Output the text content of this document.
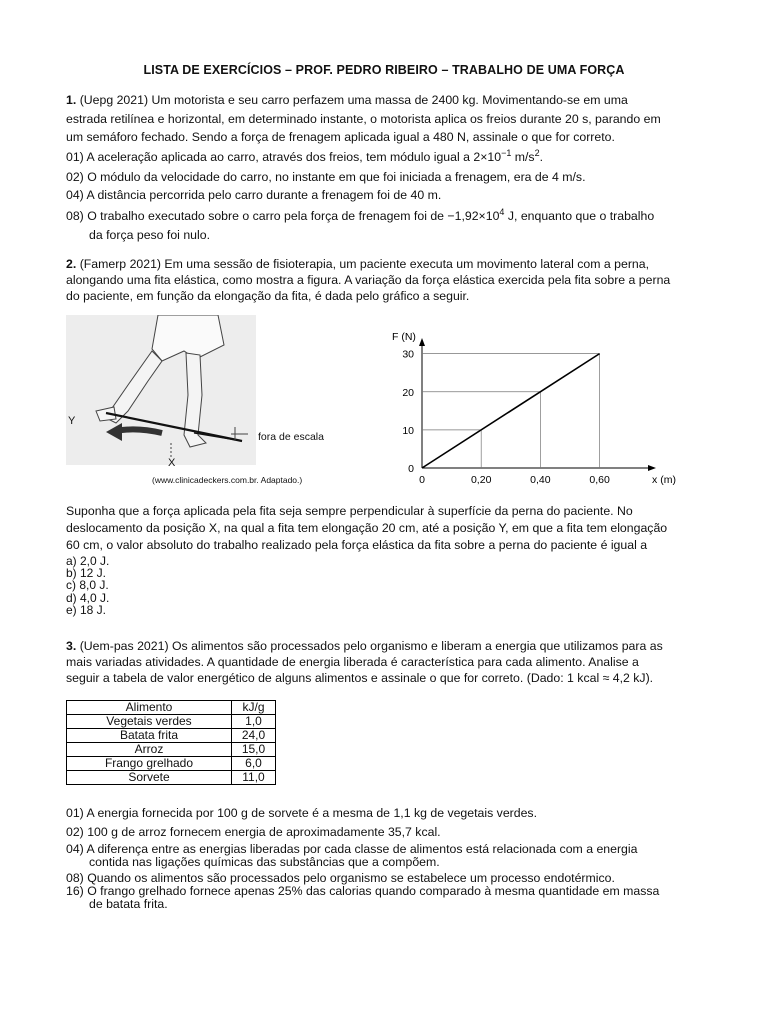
LISTA DE EXERCÍCIOS – PROF. PEDRO RIBEIRO – TRABALHO DE UMA FORÇA
1. (Uepg 2021) Um motorista e seu carro perfazem uma massa de 2400 kg. Movimentando-se em uma
estrada retilínea e horizontal, em determinado instante, o motorista aplica os freios durante 20 s, parando em
um semáforo fechado. Sendo a força de frenagem aplicada igual a 480 N, assinale o que for correto.
01) A aceleração aplicada ao carro, através dos freios, tem módulo igual a $2\times 10^{-1}$ $m/s^2$.
02) O módulo da velocidade do carro, no instante em que foi iniciada a frenagem, era de 4 m/s.
04) A distância percorrida pelo carro durante a frenagem foi de 40 m.
08) O trabalho executado sobre o carro pela força de frenagem foi de $-1,92\times 10^4$ J, enquanto que o trabalho
da força peso foi nulo.
2. (Famerp 2021) Em uma sessão de fisioterapia, um paciente executa um movimento lateral com a perna,
alongando uma fita elástica, como mostra a figura. A variação da força elástica exercida pela fita sobre a perna
do paciente, em função da elongação da fita, é dada pelo gráfico a seguir.
Y
X
fora de escala
(www.clinicadeckers.com.br. Adaptado.)	0	0,20	0,40	0,60
0
10
20
30
x (m)
F (N)
Suponha que a força aplicada pela fita seja sempre perpendicular à superfície da perna do paciente. No
deslocamento da posição X, na qual a fita tem elongação 20 cm, até a posição Y, em que a fita tem elongação
60 cm, o valor absoluto do trabalho realizado pela força elástica da fita sobre a perna do paciente é igual a
a) 2,0 J.
b) 12 J.
c) 8,0 J.
d) 4,0 J.
e) 18 J.
3. (Uem-pas 2021) Os alimentos são processados pelo organismo e liberam a energia que utilizamos para as
mais variadas atividades. A quantidade de energia liberada é característica para cada alimento. Analise a
seguir a tabela de valor energético de alguns alimentos e assinale o que for correto. (Dado: 1 kcal ≈ 4,2 kJ).
Alimento	kJ/g
Vegetais verdes	1,0
Batata frita	24,0
Arroz	15,0
Frango grelhado	6,0
Sorvete	11,0
01) A energia fornecida por 100 g de sorvete é a mesma de 1,1 kg de vegetais verdes.
02) 100 g de arroz fornecem energia de aproximadamente 35,7 kcal.
04) A diferença entre as energias liberadas por cada classe de alimentos está relacionada com a energia
contida nas ligações químicas das substâncias que a compõem.
08) Quando os alimentos são processados pelo organismo se estabelece um processo endotérmico.
16) O frango grelhado fornece apenas 25% das calorias quando comparado à mesma quantidade em massa
de batata frita.
